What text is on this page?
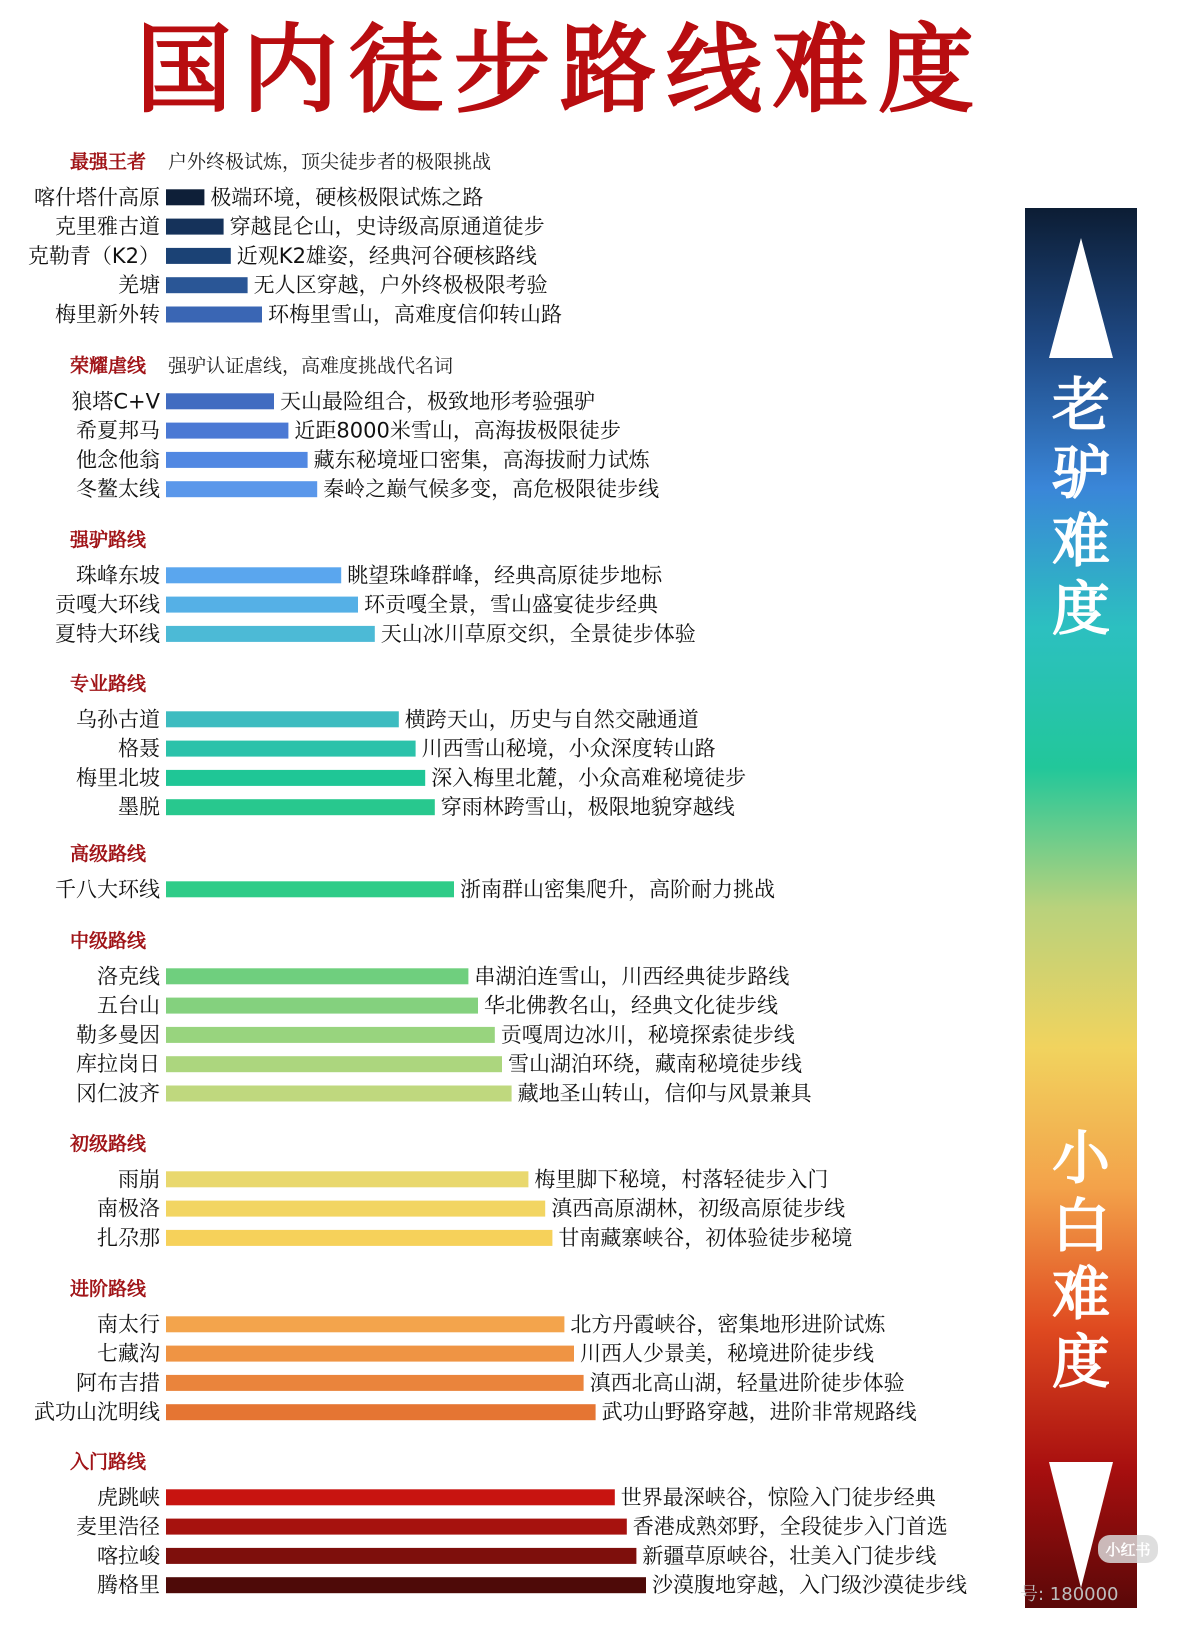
国内徒步路线难度
最强王者 户外终极试炼，顶尖徒步者的极限挑战
喀什塔什高原 极端环境，硬核极限试炼之路
克里雅古道	穿越昆仑山，史诗级高原通道徒步
克勒青（K2）	近观K2雄姿，经典河谷硬核路线
羌塘	无人区穿越，户外终极极限考验
梅里新外转	环梅里雪山，高难度信仰转山路
荣耀虐线 强驴认证虐线，高难度挑战代名词
狼塔C+V	天山最险组合，极致地形考验强驴
希夏邦马	近距8000米雪山，高海拔极限徒步
他念他翁	藏东秘境垭口密集，高海拔耐力试炼
冬鳌太线	秦岭之巅气候多变，高危极限徒步线
强驴路线
珠峰东坡	眺望珠峰群峰，经典高原徒步地标
贡嘎大环线	环贡嘎全景，雪山盛宴徒步经典
夏特大环线	天山冰川草原交织，全景徒步体验
专业路线
乌孙古道	横跨天山，历史与自然交融通道
格聂	川西雪山秘境，小众深度转山路
梅里北坡	深入梅里北麓，小众高难秘境徒步
墨脱	穿雨林跨雪山，极限地貌穿越线
高级路线
千八大环线	浙南群山密集爬升，高阶耐力挑战
中级路线
洛克线	串湖泊连雪山，川西经典徒步路线
五台山	华北佛教名山，经典文化徒步线
勒多曼因	贡嘎周边冰川，秘境探索徒步线
库拉岗日	雪山湖泊环绕，藏南秘境徒步线
冈仁波齐	藏地圣山转山，信仰与风景兼具
初级路线
雨崩	梅里脚下秘境，村落轻徒步入门
南极洛	滇西高原湖林，初级高原徒步线
扎尕那	甘南藏寨峡谷，初体验徒步秘境
进阶路线
南太行	北方丹霞峡谷，密集地形进阶试炼
七藏沟	川西人少景美，秘境进阶徒步线
阿布吉措	滇西北高山湖，轻量进阶徒步体验
武功山沈明线	武功山野路穿越，进阶非常规路线
入门路线
虎跳峡	世界最深峡谷，惊险入门徒步经典
麦里浩径	香港成熟郊野，全段徒步入门首选
喀拉峻	新疆草原峡谷，壮美入门徒步线
腾格里	沙漠腹地穿越，入门级沙漠徒步线
老驴难度
小白难度
小红书
号: 180000
